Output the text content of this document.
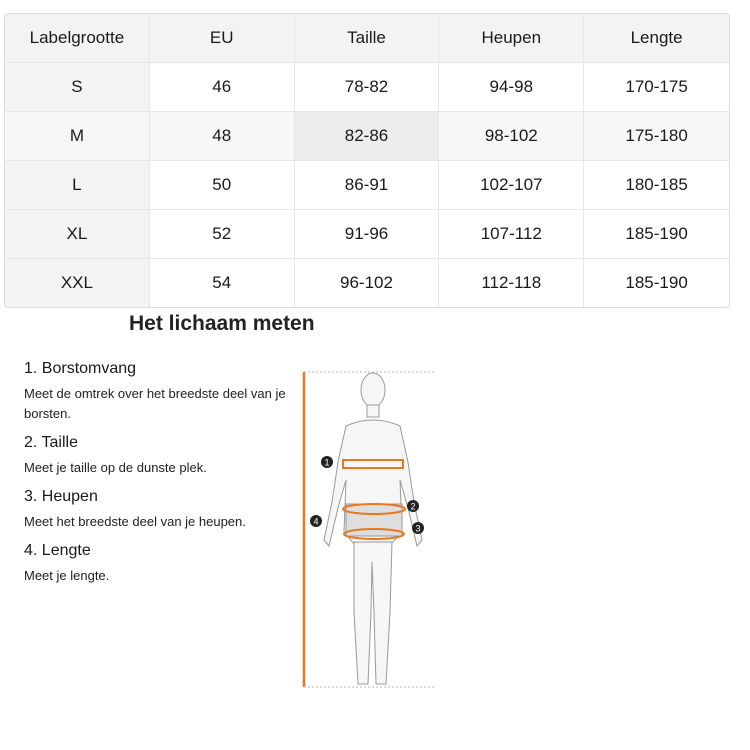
Labelgrootte	EU	Taille	Heupen	Lengte
S	46	78-82	94-98	170-175
M	48	82-86	98-102	175-180
L	50	86-91	102-107	180-185
XL	52	91-96	107-112	185-190
XXL	54	96-102	112-118	185-190
Het lichaam meten

1. Borstomvang

Meet de omtrek over het breedste deel van je borsten.

2. Taille

Meet je taille op de dunste plek.

3. Heupen

Meet het breedste deel van je heupen.

4. Lengte

Meet je lengte.

1
2
3
4
